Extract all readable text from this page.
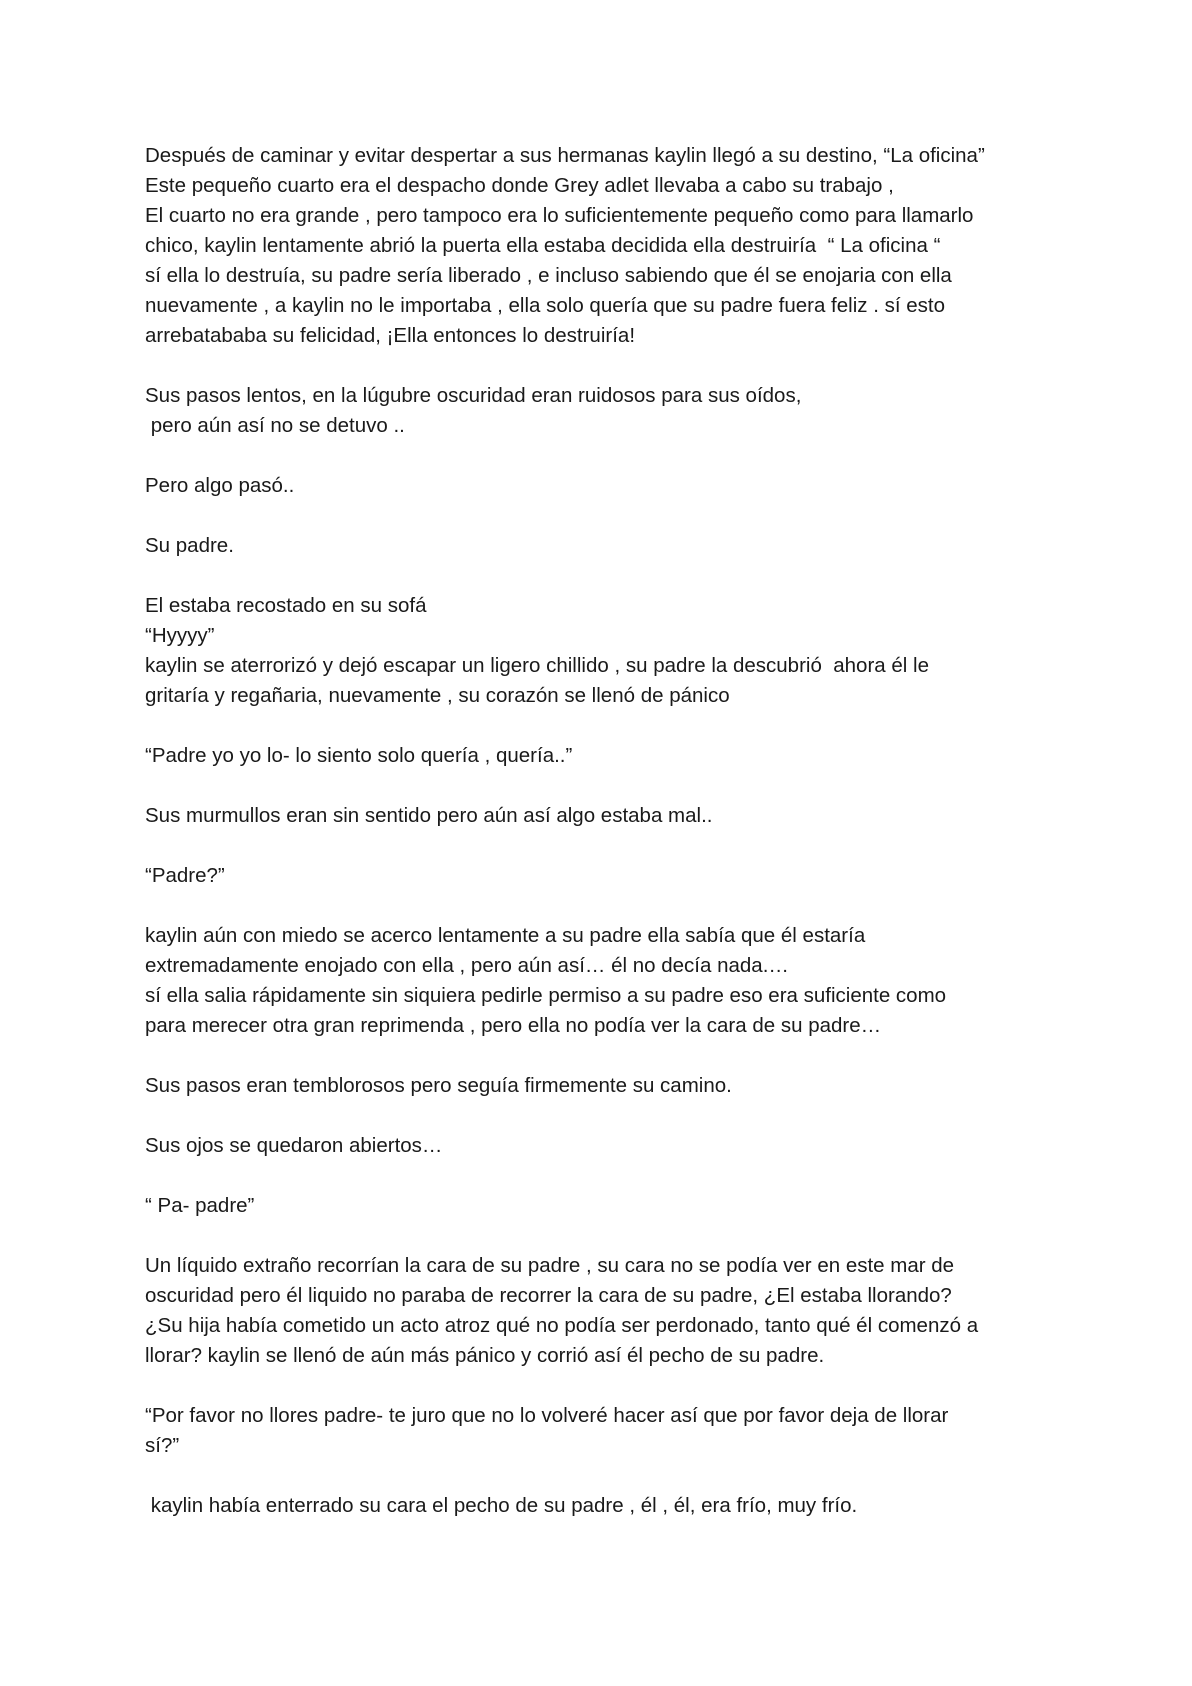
Después de caminar y evitar despertar a sus hermanas kaylin llegó a su destino, “La oficina”
Este pequeño cuarto era el despacho donde Grey adlet llevaba a cabo su trabajo ,
El cuarto no era grande , pero tampoco era lo suficientemente pequeño como para llamarlo
chico, kaylin lentamente abrió la puerta ella estaba decidida ella destruiría  “ La oficina “
sí ella lo destruía, su padre sería liberado , e incluso sabiendo que él se enojaria con ella
nuevamente , a kaylin no le importaba , ella solo quería que su padre fuera feliz . sí esto
arrebatababa su felicidad, ¡Ella entonces lo destruiría!
Sus pasos lentos, en la lúgubre oscuridad eran ruidosos para sus oídos,
pero aún así no se detuvo ..
Pero algo pasó..
Su padre.
El estaba recostado en su sofá
“Hyyyy”
kaylin se aterrorizó y dejó escapar un ligero chillido , su padre la descubrió  ahora él le
gritaría y regañaria, nuevamente , su corazón se llenó de pánico
“Padre yo yo lo- lo siento solo quería , quería..”
Sus murmullos eran sin sentido pero aún así algo estaba mal..
“Padre?”
kaylin aún con miedo se acerco lentamente a su padre ella sabía que él estaría
extremadamente enojado con ella , pero aún así… él no decía nada.…
sí ella salia rápidamente sin siquiera pedirle permiso a su padre eso era suficiente como
para merecer otra gran reprimenda , pero ella no podía ver la cara de su padre…
Sus pasos eran temblorosos pero seguía firmemente su camino.
Sus ojos se quedaron abiertos…
“ Pa- padre”
Un líquido extraño recorrían la cara de su padre , su cara no se podía ver en este mar de
oscuridad pero él liquido no paraba de recorrer la cara de su padre, ¿El estaba llorando?
¿Su hija había cometido un acto atroz qué no podía ser perdonado, tanto qué él comenzó a
llorar? kaylin se llenó de aún más pánico y corrió así él pecho de su padre.
“Por favor no llores padre- te juro que no lo volveré hacer así que por favor deja de llorar
sí?”
kaylin había enterrado su cara el pecho de su padre , él , él, era frío, muy frío.
